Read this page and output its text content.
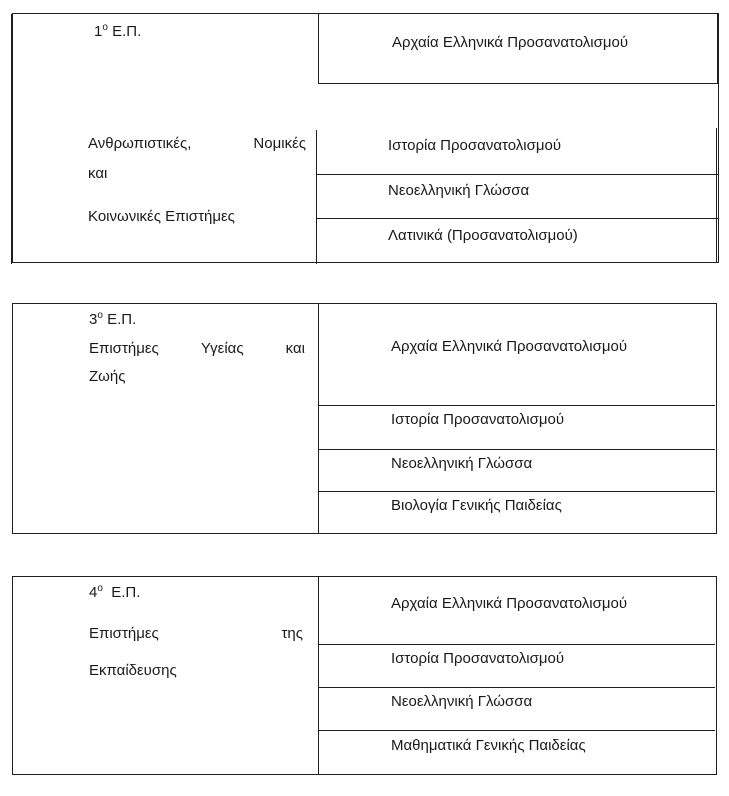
$1^o$ Ε.Π.
Ανθρωπιστικές,	Νομικές
και
Κοινωνικές Επιστήμες
Αρχαία Ελληνικά Προσανατολισμού
Ιστορία Προσανατολισμού
Νεοελληνική Γλώσσα
Λατινικά (Προσανατολισμού)
$3^o$ Ε.Π.
Επιστήμες	Υγείας	και
Ζωής
Αρχαία Ελληνικά Προσανατολισμού
Ιστορία Προσανατολισμού
Νεοελληνική Γλώσσα
Βιολογία Γενικής Παιδείας
$4^o$  Ε.Π.
Επιστήμες	της
Εκπαίδευσης
Αρχαία Ελληνικά Προσανατολισμού
Ιστορία Προσανατολισμού
Νεοελληνική Γλώσσα
Μαθηματικά Γενικής Παιδείας
